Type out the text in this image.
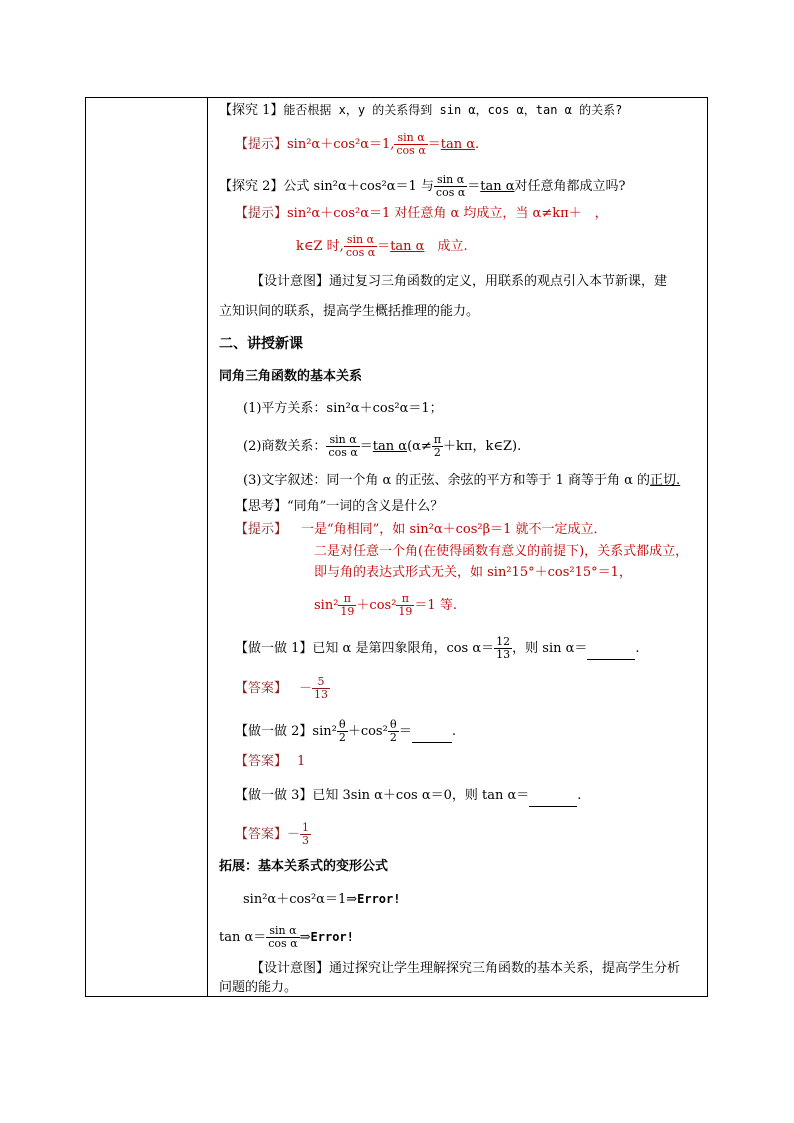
【探究 1】能否根据 x，y 的关系得到 sin α，cos α，tan α 的关系?
【提示】sin²α＋cos²α＝1, $\frac{\text{sin α}}{\text{cos α}} =\tan$ α.
【探究 2】公式 sin²α＋cos²α＝1 与 $\frac{\text{sin α}}{\text{cos α}} =\tan$ α对任意角都成立吗?
【提示】sin²α＋cos²α＝1 对任意角 α 均成立，当 α≠kπ＋　，
k∈Z 时, $\frac{\text{sin α}}{\text{cos α}} =\tan$ α　成立.
【设计意图】通过复习三角函数的定义，用联系的观点引入本节新课，建
立知识间的联系，提高学生概括推理的能力。
二、讲授新课
同角三角函数的基本关系
(1)平方关系：sin²α＋cos²α＝1；
(2)商数关系： $\frac{\text{sin α}}{\text{cos α}} =\tan$ $\alpha(\alpha\ne \frac{\pi}{2} +k\pi$，k∈Z).
(3)文字叙述：同一个角 α 的正弦、余弦的平方和等于 1 商等于角 α 的正切.
【思考】“同角”一词的含义是什么？
【提示】 一是“角相同”，如 sin²α＋cos²β＝1 就不一定成立．
二是对任意一个角(在使得函数有意义的前提下)，关系式都成立，
即与角的表达式形式无关，如 sin²15°＋cos²15°＝1，
$\sin^2 \frac{\pi}{19} +\cos^2 \frac{\pi}{19} =1$ 等.
【做一做 1】已知 α 是第四象限角，$\cos \alpha= \frac{12}{13}$ ，则 sin α＝	.
【答案】 － $\frac{5}{13}$
【做一做 2】$\sin^2 \frac{\theta}{2} +\cos^2 \frac{\theta}{2}$ ＝	.
【答案】 1
【做一做 3】已知 3sin α＋cos α＝0，则 tan α＝	.
【答案】－ $\frac{1}{3}$
拓展：基本关系式的变形公式
sin²α＋cos²α＝1⇒Error!
$\tan \alpha= \frac{\text{sin α}}{\text{cos α}}$ ⇒Error!
【设计意图】通过探究让学生理解探究三角函数的基本关系，提高学生分析
问题的能力。
